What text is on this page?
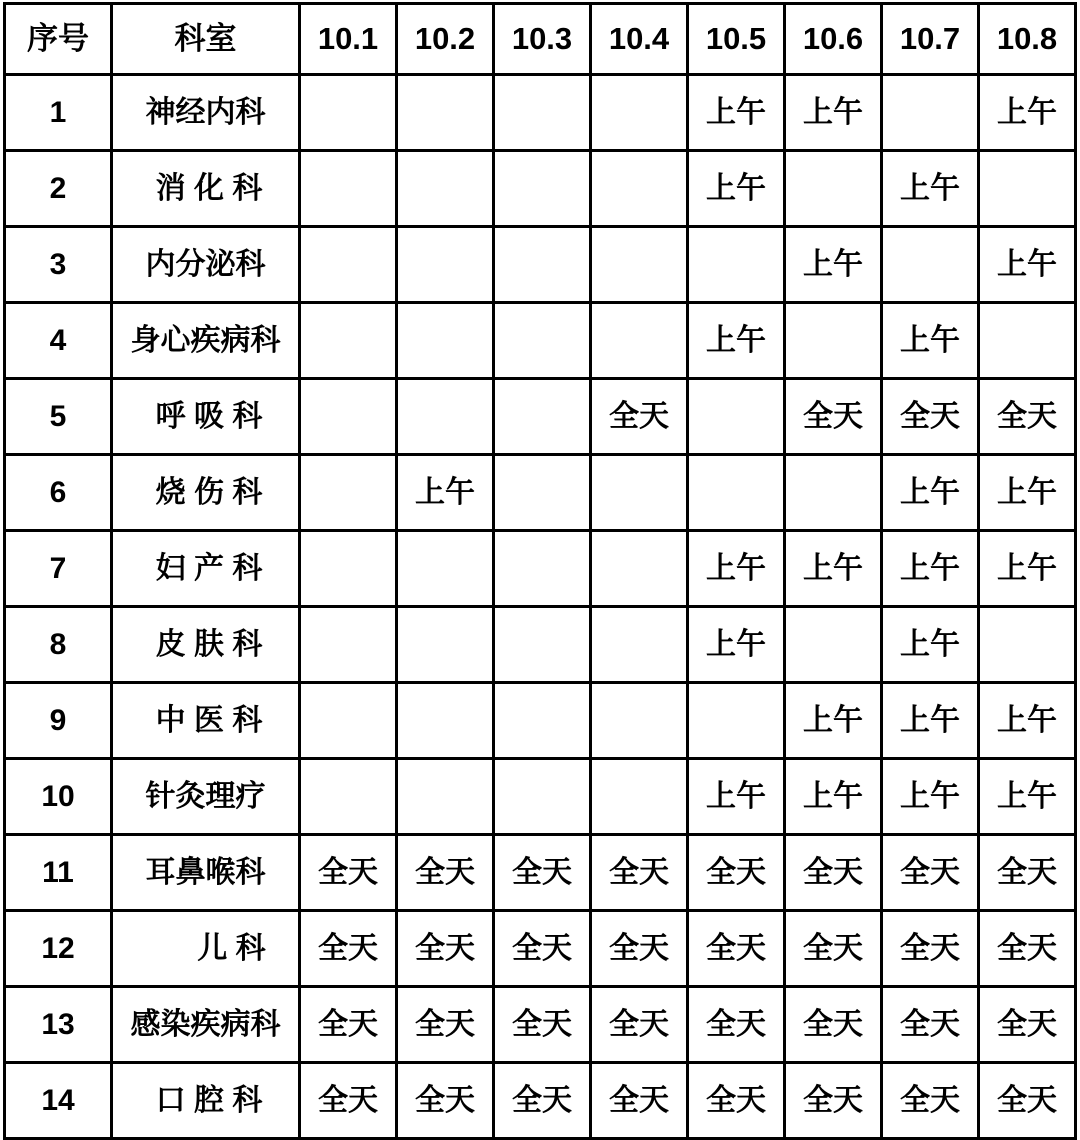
序号	科室	10.1	10.2	10.3	10.4	10.5	10.6	10.7	10.8
1	神经内科					上午	上午		上午
2	消 化 科					上午		上午	
3	内分泌科						上午		上午
4	身心疾病科					上午		上午	
5	呼 吸 科				全天		全天	全天	全天
6	烧 伤 科		上午					上午	上午
7	妇 产 科					上午	上午	上午	上午
8	皮 肤 科					上午		上午	
9	中 医 科						上午	上午	上午
10	针灸理疗					上午	上午	上午	上午
11	耳鼻喉科	全天	全天	全天	全天	全天	全天	全天	全天
12	儿 科	全天	全天	全天	全天	全天	全天	全天	全天
13	感染疾病科	全天	全天	全天	全天	全天	全天	全天	全天
14	口 腔 科	全天	全天	全天	全天	全天	全天	全天	全天
